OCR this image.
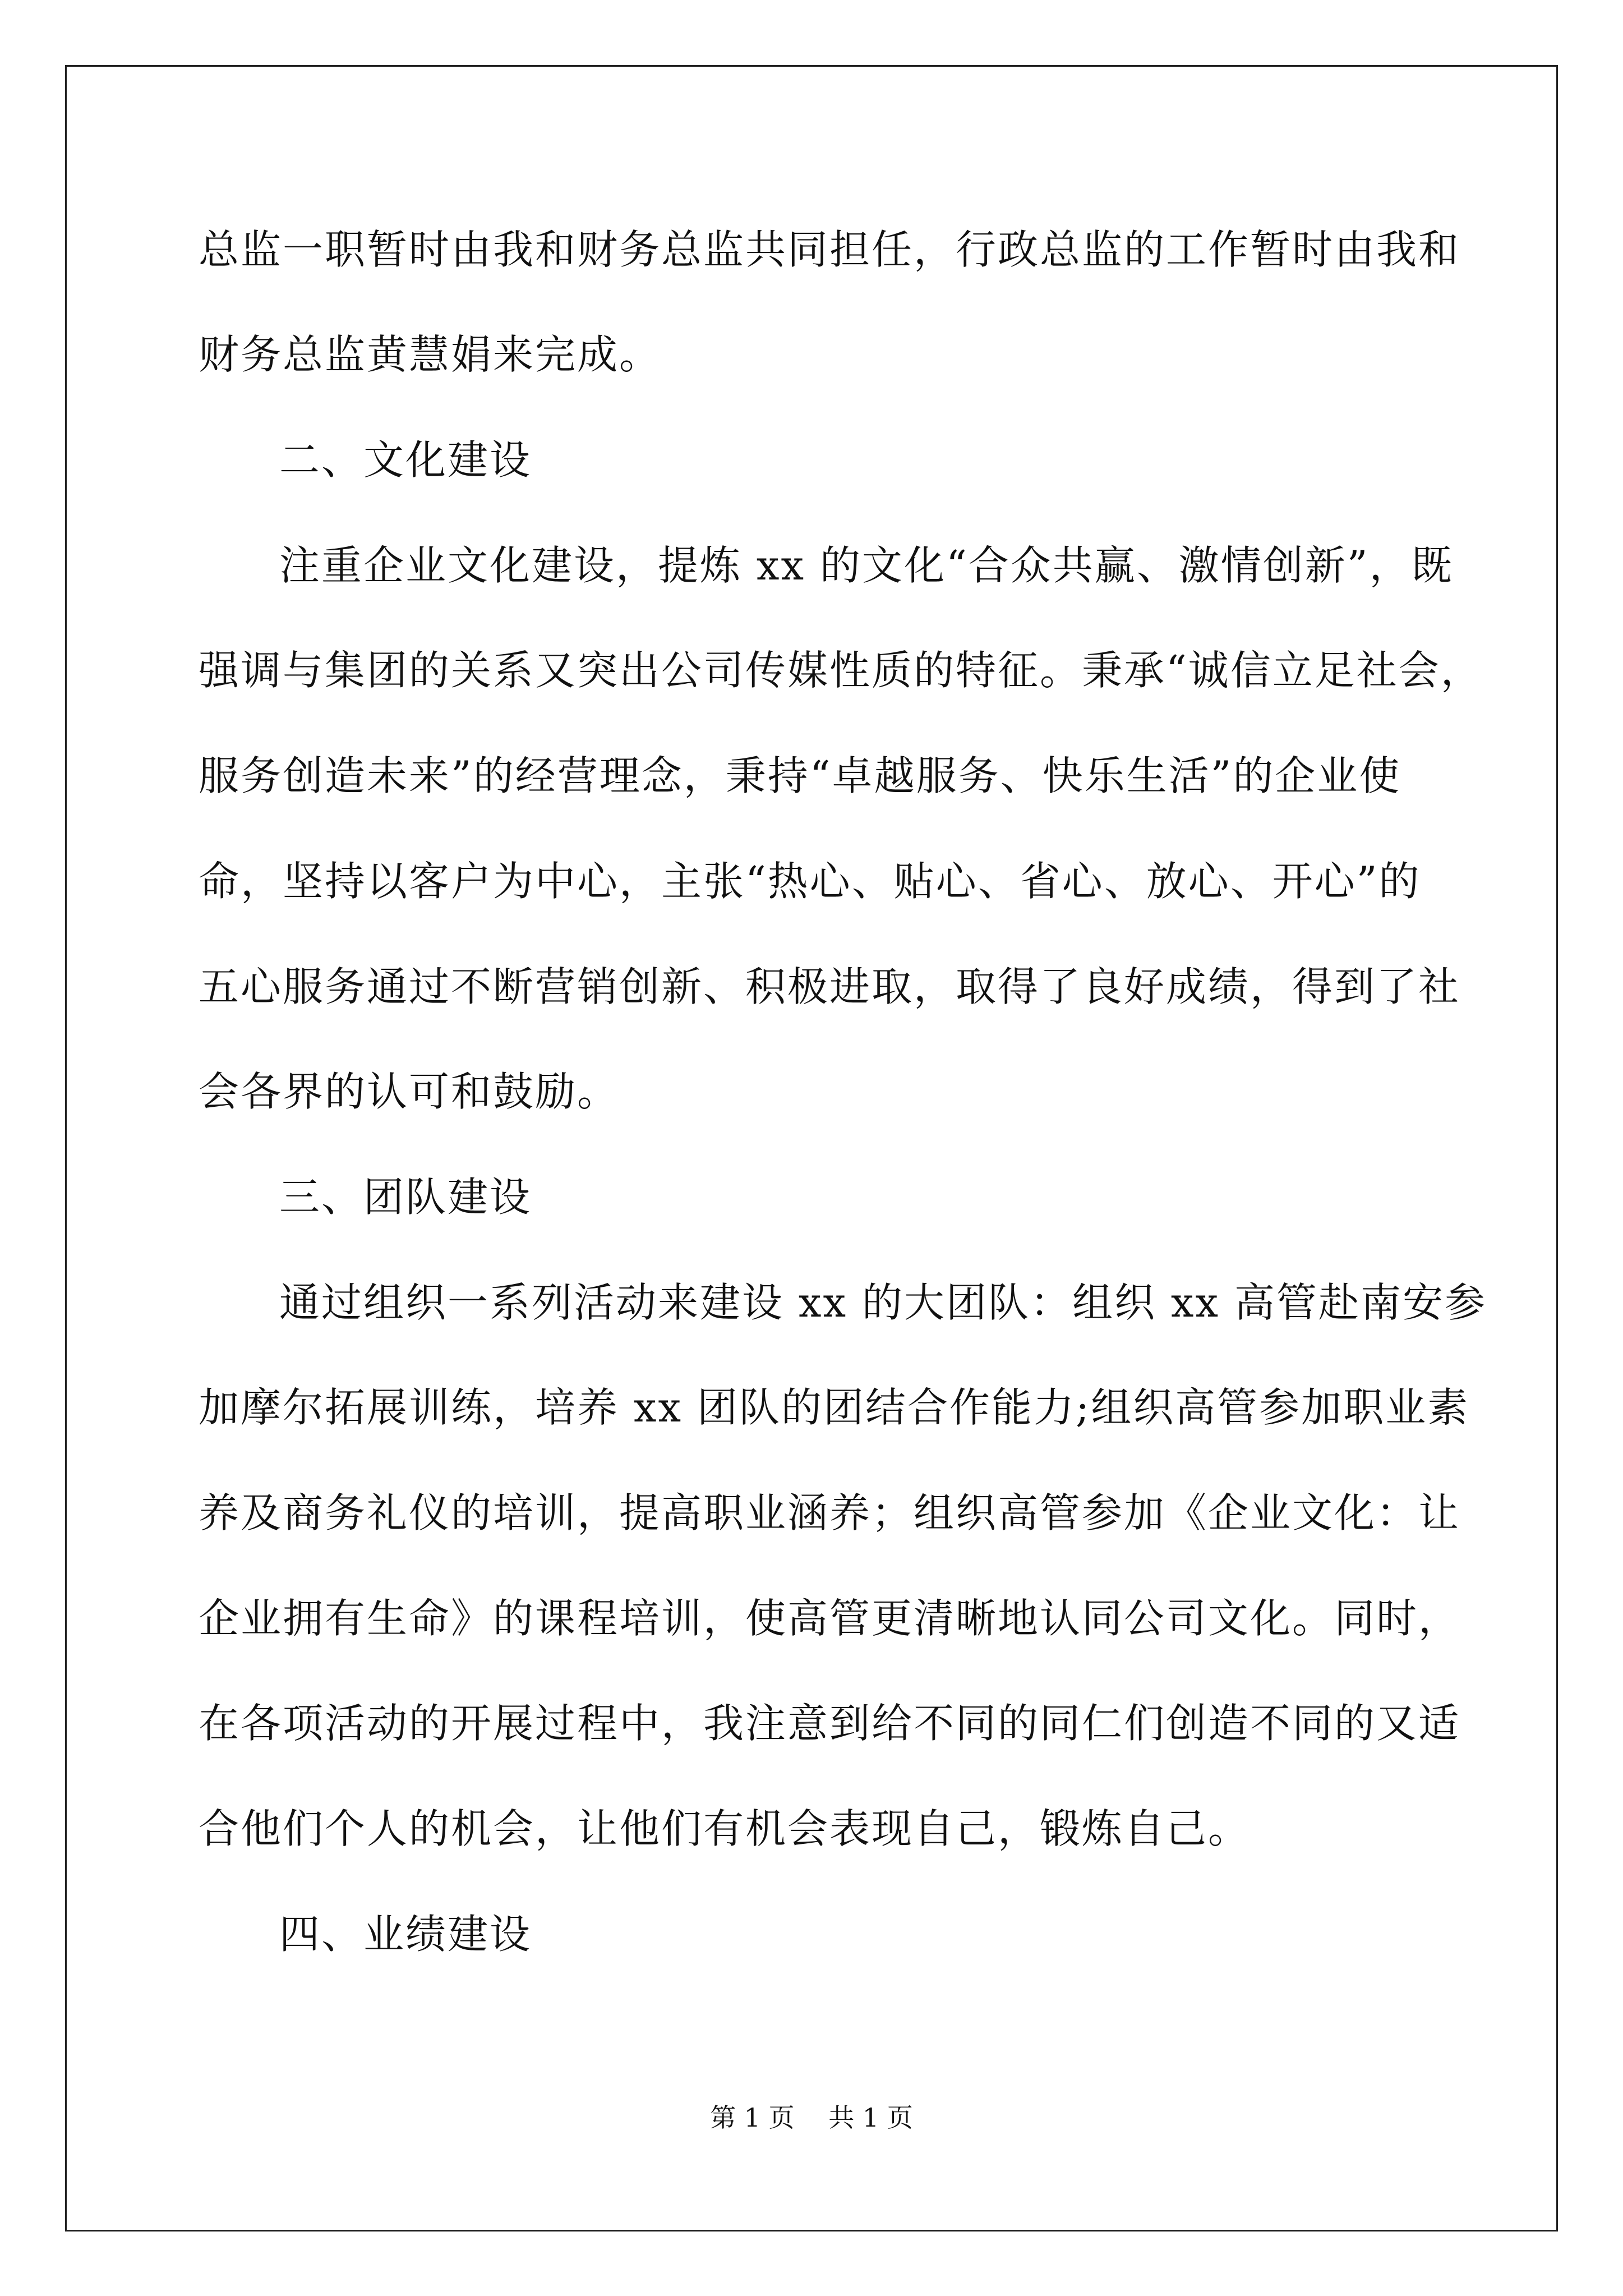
总监一职暂时由我和财务总监共同担任，行政总监的工作暂时由我和
财务总监黄慧娟来完成。
二、文化建设
注重企业文化建设，提炼 xx 的文化“合众共赢、激情创新”，既
强调与集团的关系又突出公司传媒性质的特征。秉承“诚信立足社会，
服务创造未来”的经营理念，秉持“卓越服务、快乐生活”的企业使
命，坚持以客户为中心，主张“热心、贴心、省心、放心、开心”的
五心服务通过不断营销创新、积极进取，取得了良好成绩，得到了社
会各界的认可和鼓励。
三、团队建设
通过组织一系列活动来建设 xx 的大团队：组织 xx 高管赴南安参
加摩尔拓展训练，培养 xx 团队的团结合作能力;组织高管参加职业素
养及商务礼仪的培训，提高职业涵养；组织高管参加《企业文化：让
企业拥有生命》的课程培训，使高管更清晰地认同公司文化。同时，
在各项活动的开展过程中，我注意到给不同的同仁们创造不同的又适
合他们个人的机会，让他们有机会表现自己，锻炼自己。
四、业绩建设
第 1 页　 共 1 页
